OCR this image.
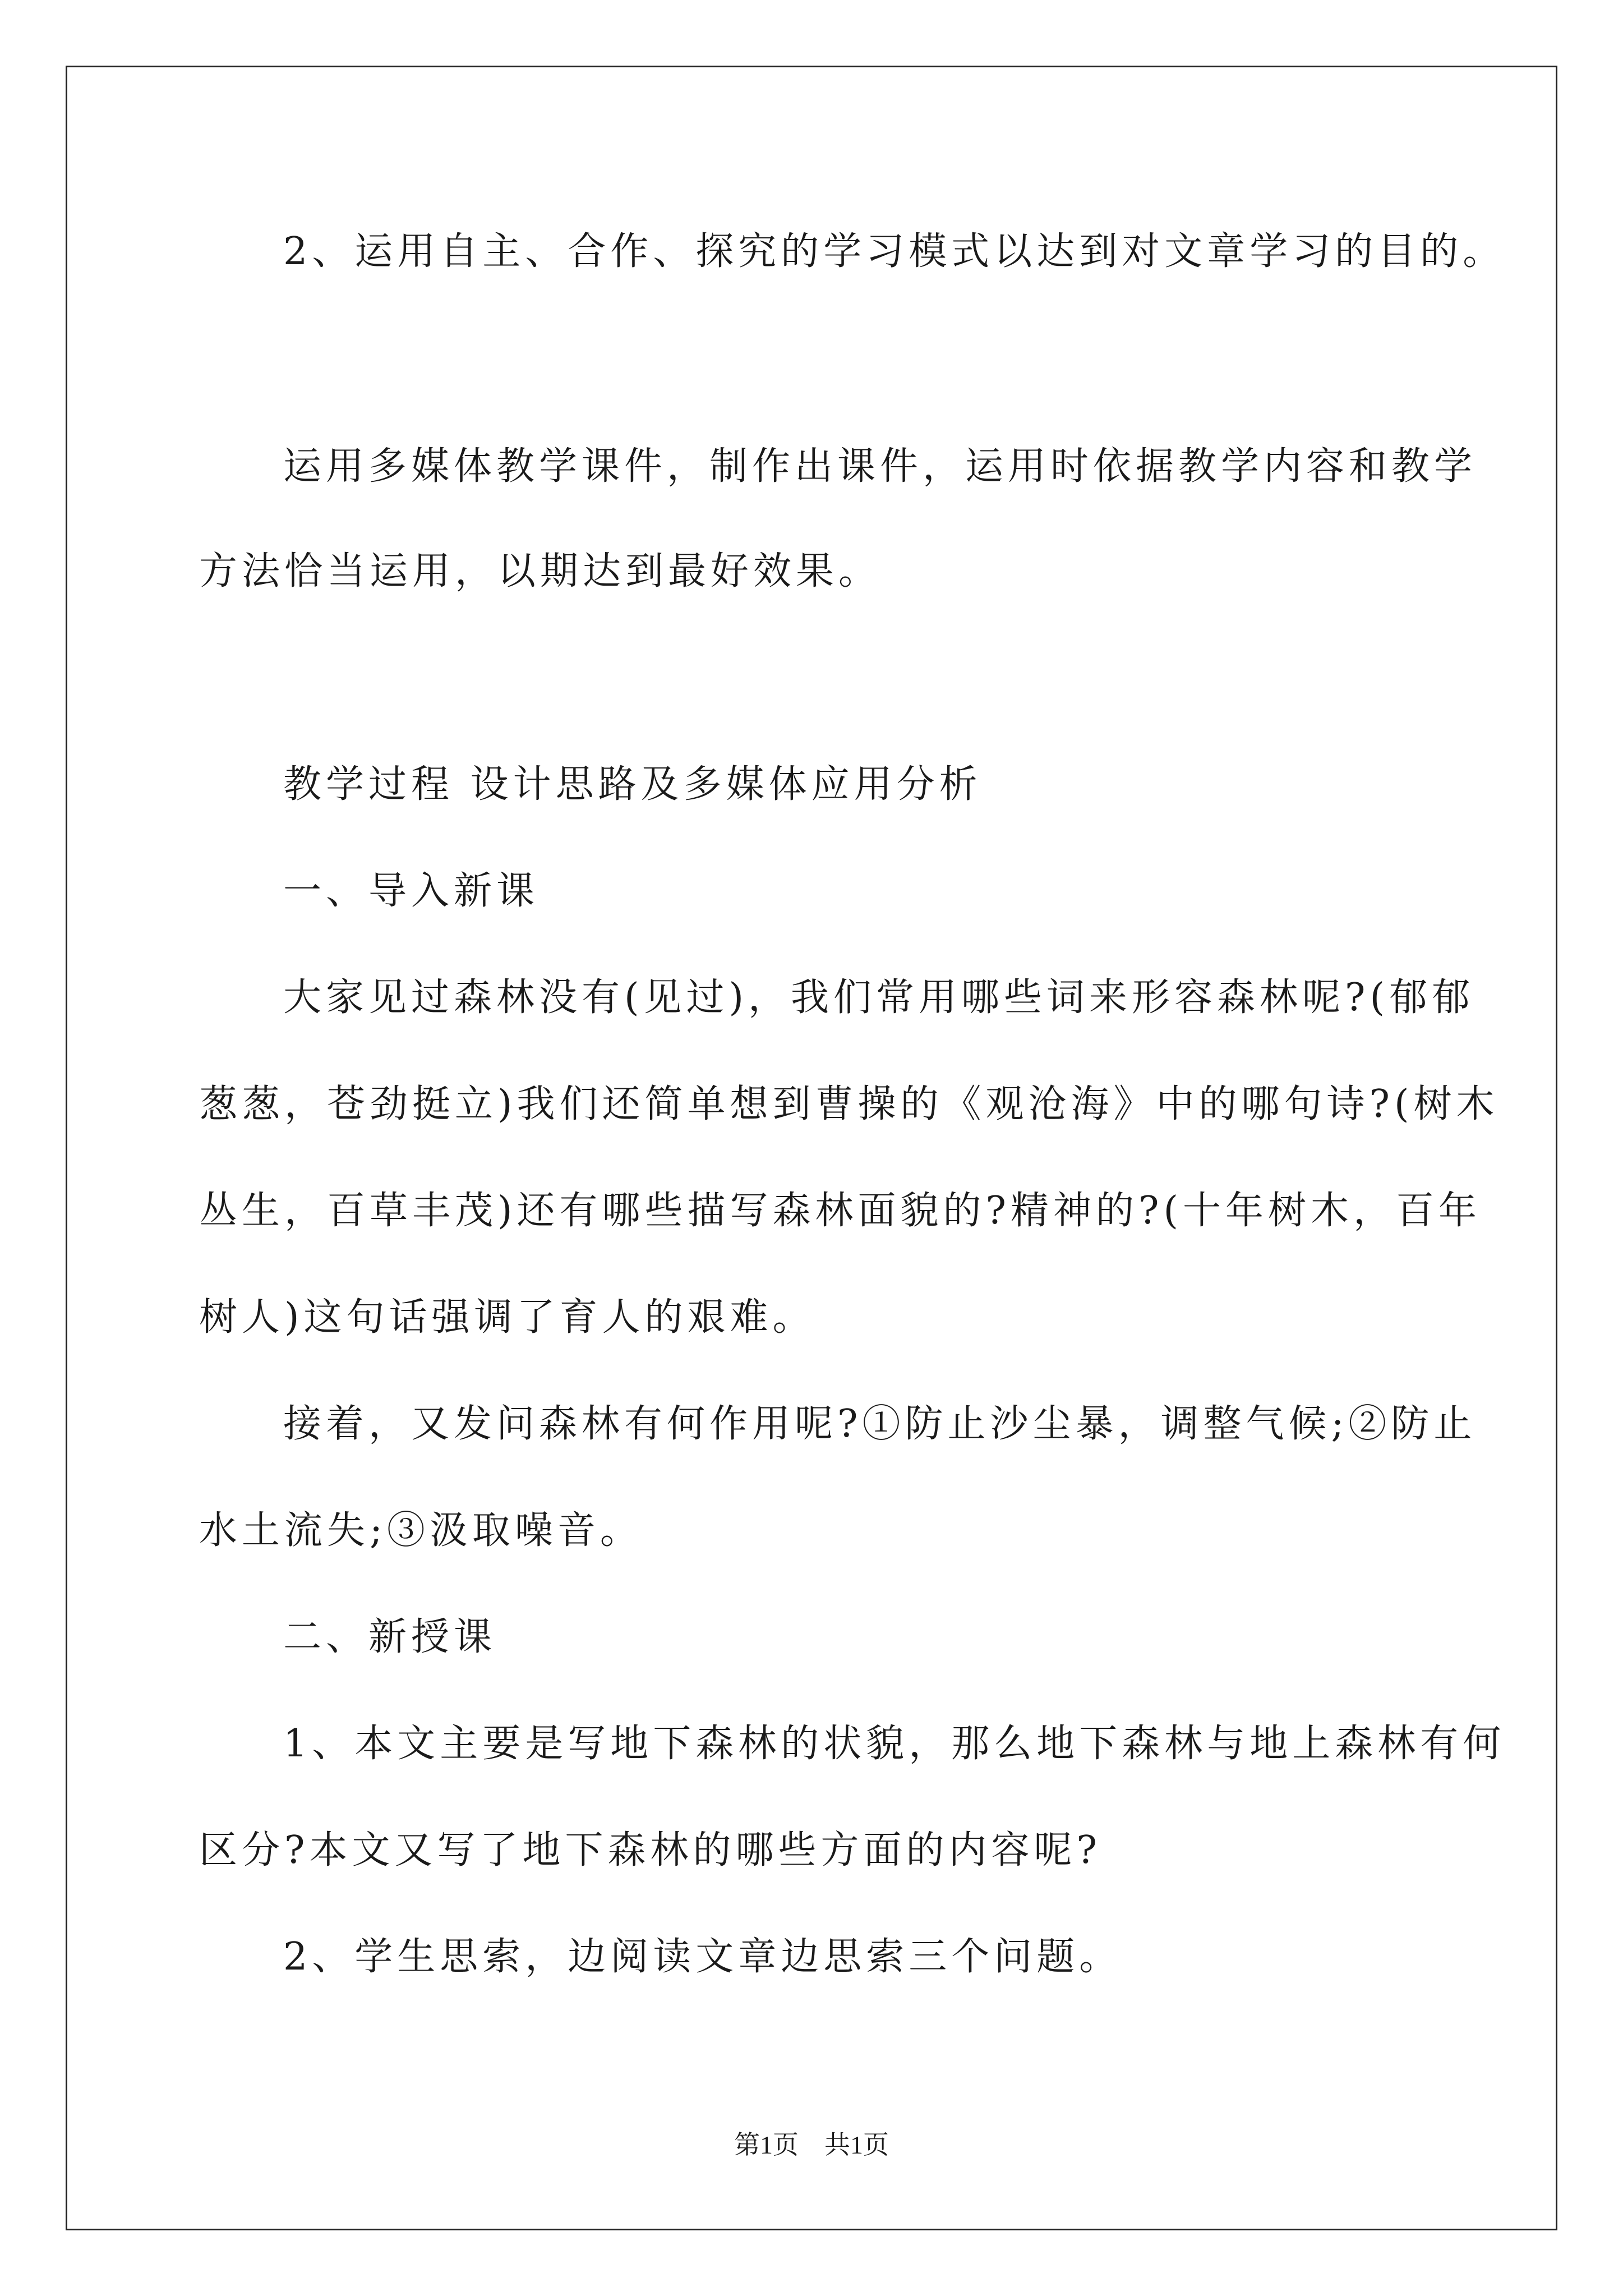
2、运用自主、合作、探究的学习模式以达到对文章学习的目的。
运用多媒体教学课件，制作出课件，运用时依据教学内容和教学
方法恰当运用，以期达到最好效果。
教学过程 设计思路及多媒体应用分析
一、导入新课
大家见过森林没有(见过)，我们常用哪些词来形容森林呢?(郁郁
葱葱，苍劲挺立)我们还简单想到曹操的《观沧海》中的哪句诗?(树木
丛生，百草丰茂)还有哪些描写森林面貌的?精神的?(十年树木，百年
树人)这句话强调了育人的艰难。
接着，又发问森林有何作用呢?①防止沙尘暴，调整气候;②防止
水土流失;③汲取噪音。
二、新授课
1、本文主要是写地下森林的状貌，那么地下森林与地上森林有何
区分?本文又写了地下森林的哪些方面的内容呢?
2、学生思索，边阅读文章边思索三个问题。
第1页　共1页
